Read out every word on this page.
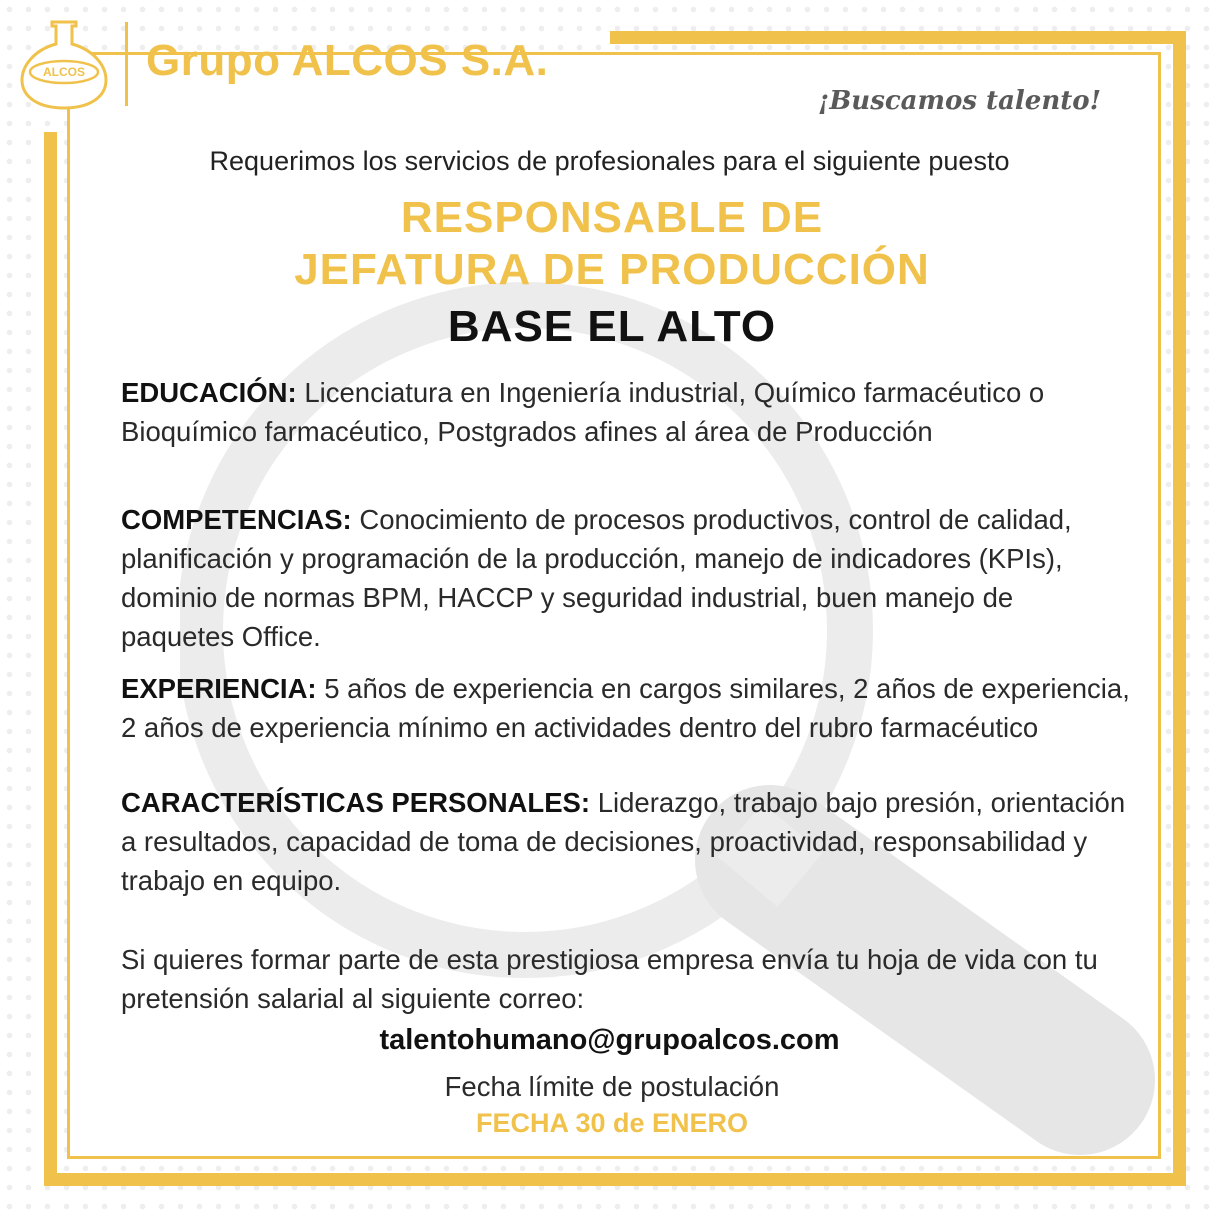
ALCOS Grupo ALCOS S.A.
¡Buscamos talento!
Requerimos los servicios de profesionales para el siguiente puesto
RESPONSABLE DE
JEFATURA DE PRODUCCIÓN
BASE EL ALTO
EDUCACIÓN: Licenciatura en Ingeniería industrial, Químico farmacéutico o Bioquímico farmacéutico, Postgrados afines al área de Producción
COMPETENCIAS: Conocimiento de procesos productivos, control de calidad, planificación y programación de la producción, manejo de indicadores (KPIs), dominio de normas BPM, HACCP y seguridad industrial, buen manejo de paquetes Office.
EXPERIENCIA: 5 años de experiencia en cargos similares, 2 años de experiencia, 2 años de experiencia mínimo en actividades dentro del rubro farmacéutico
CARACTERÍSTICAS PERSONALES: Liderazgo, trabajo bajo presión, orientación a resultados, capacidad de toma de decisiones, proactividad, responsabilidad y trabajo en equipo.
Si quieres formar parte de esta prestigiosa empresa envía tu hoja de vida con tu pretensión salarial al siguiente correo:
talentohumano@grupoalcos.com
Fecha límite de postulación
FECHA 30 de ENERO
